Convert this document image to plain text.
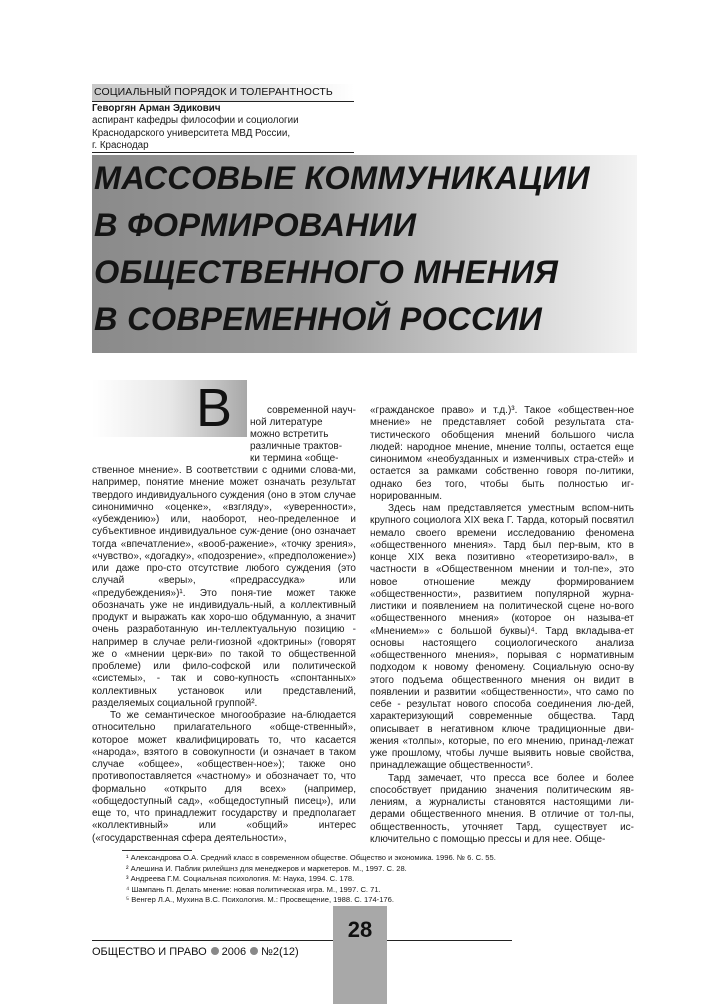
СОЦИАЛЬНЫЙ ПОРЯДОК И ТОЛЕРАНТНОСТЬ
Геворгян Арман Эдикович
аспирант кафедры философии и социологии
Краснодарского университета МВД России,
г. Краснодар
МАССОВЫЕ КОММУНИКАЦИИ
В ФОРМИРОВАНИИ
ОБЩЕСТВЕННОГО МНЕНИЯ
В СОВРЕМЕННОЙ РОССИИ
В	современной науч-
ной литературе
можно встретить
различные трактов-
ки термина «обще-

ственное мнение». В соответствии с одними слова-ми, например, понятие мнение может означать результат твердого индивидуального суждения (оно в этом случае синонимично «оценке», «взгляду», «уверенности», «убеждению») или, наоборот, нео-пределенное и субъективное индивидуальное суж-дение (оно означает тогда «впечатление», «вооб-ражение», «точку зрения», «чувство», «догадку», «подозрение», «предположение») или даже про-сто отсутствие любого суждения (это случай «веры», «предрассудка» или «предубеждения»)¹. Это поня-тие может также обозначать уже не индивидуаль-ный, а коллективный продукт и выражать как хоро-шо обдуманную, а значит очень разработанную ин-теллектуальную позицию - например в случае рели-гиозной «доктрины» (говорят же о «мнении церк-ви» по такой то общественной проблеме) или фило-софской или политической «системы», - так и сово-купность «спонтанных» коллективных установок или представлений, разделяемых социальной группой².

То же семантическое многообразие на-блюдается относительно прилагательного «обще-ственный», которое может квалифицировать то, что касается «народа», взятого в совокупности (и означает в таком случае «общее», «обществен-ное»); также оно противопоставляется «частному» и обозначает то, что формально «открыто для всех» (например, «общедоступный сад», «общедоступный писец»), или еще то, что принадлежит государству и предполагает «коллективный» или «общий» интерес («государственная сфера деятельности»,

«гражданское право» и т.д.)³. Такое «обществен-ное мнение» не представляет собой результата ста-тистического обобщения мнений большого числа людей: народное мнение, мнение толпы, остается еще синонимом «необузданных и изменчивых стра-стей» и остается за рамками собственно говоря по-литики, однако без того, чтобы быть полностью иг-норированным.

Здесь нам представляется уместным вспом-нить крупного социолога XIX века Г. Тарда, который посвятил немало своего времени исследованию феномена «общественного мнения». Тард был пер-вым, кто в конце XIX века позитивно «теоретизиро-вал», в частности в «Общественном мнении и тол-пе», это новое отношение между формированием «общественности», развитием популярной журна-листики и появлением на политической сцене но-вого «общественного мнения» (которое он называ-ет «Мнением»» с большой буквы)⁴. Тард вкладыва-ет основы настоящего социологического анализа «общественного мнения», порывая с нормативным подходом к новому феномену. Социальную осно-ву этого подъема общественного мнения он видит в появлении и развитии «общественности», что само по себе - результат нового способа соединения лю-дей, характеризующий современные общества. Тард описывает в негативном ключе традиционные дви-жения «толпы», которые, по его мнению, принад-лежат уже прошлому, чтобы лучше выявить новые свойства, принадлежащие общественности⁵.

Тард замечает, что пресса все более и более способствует приданию значения политическим яв-лениям, а журналисты становятся настоящими ли-дерами общественного мнения. В отличие от тол-пы, общественность, уточняет Тард, существует ис-ключительно с помощью прессы и для нее. Обще-

¹ Александрова О.А. Средний класс в современном обществе. Общество и экономика. 1996. № 6. С. 55.
² Алешина И. Паблик рилейшнз для менеджеров и маркетеров. М., 1997. С. 28.
³ Андреева Г.М. Социальная психология. М: Наука, 1994. С. 178.
⁴ Шампань П. Делать мнение: новая политическая игра. М., 1997. С. 71.
⁵ Венгер Л.А., Мухина В.С. Психология. М.: Просвещение, 1988. С. 174-176.
ОБЩЕСТВО И ПРАВО 2006 №2(12)
28
